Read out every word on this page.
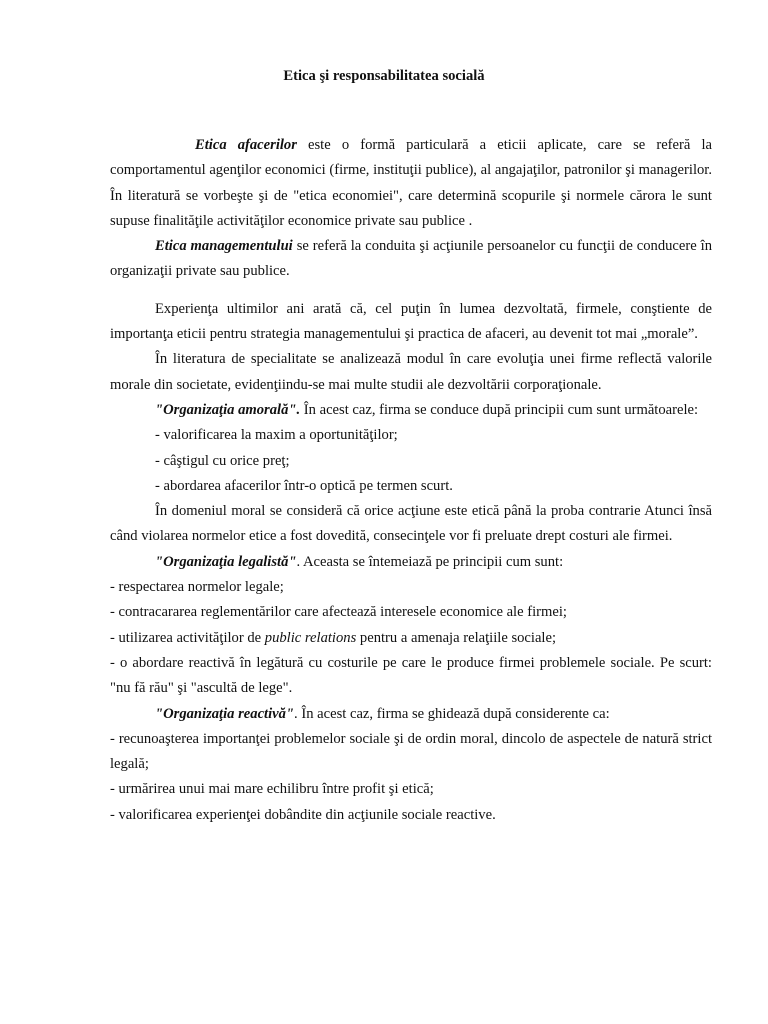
Etica şi responsabilitatea socială

Etica afacerilor este o formă particulară a eticii aplicate, care se referă la comportamentul agenţilor economici (firme, instituţii publice), al angajaţilor, patronilor şi managerilor. În literatură se vorbeşte şi de "etica economiei", care determină scopurile şi normele cărora le sunt supuse finalităţile activităţilor economice private sau publice .

Etica managementului se referă la conduita şi acţiunile persoanelor cu funcţii de conducere în organizaţii private sau publice.

Experienţa ultimilor ani arată că, cel puţin în lumea dezvoltată, firmele, conştiente de importanţa eticii pentru strategia managementului şi practica de afaceri, au devenit tot mai „morale”.

În literatura de specialitate se analizează modul în care evoluţia unei firme reflectă valorile morale din societate, evidenţiindu-se mai multe studii ale dezvoltării corporaţionale.

"Organizaţia amorală". În acest caz, firma se conduce după principii cum sunt următoarele:

- valorificarea la maxim a oportunităţilor;

- câştigul cu orice preţ;

- abordarea afacerilor într-o optică pe termen scurt.

În domeniul moral se consideră că orice acţiune este etică până la proba contrarie Atunci însă când violarea normelor etice a fost dovedită, consecinţele vor fi preluate drept costuri ale firmei.

"Organizaţia legalistă". Aceasta se întemeiază pe principii cum sunt:

- respectarea normelor legale;

- contracararea reglementărilor care afectează interesele economice ale firmei;

- utilizarea activităţilor de public relations pentru a amenaja relaţiile sociale;

- o abordare reactivă în legătură cu costurile pe care le produce firmei problemele sociale. Pe scurt: "nu fă rău" şi "ascultă de lege".

"Organizaţia reactivă". În acest caz, firma se ghidează după considerente ca:

- recunoaşterea importanţei problemelor sociale şi de ordin moral, dincolo de aspectele de natură strict legală;

- urmărirea unui mai mare echilibru între profit şi etică;

- valorificarea experienţei dobândite din acţiunile sociale reactive.
